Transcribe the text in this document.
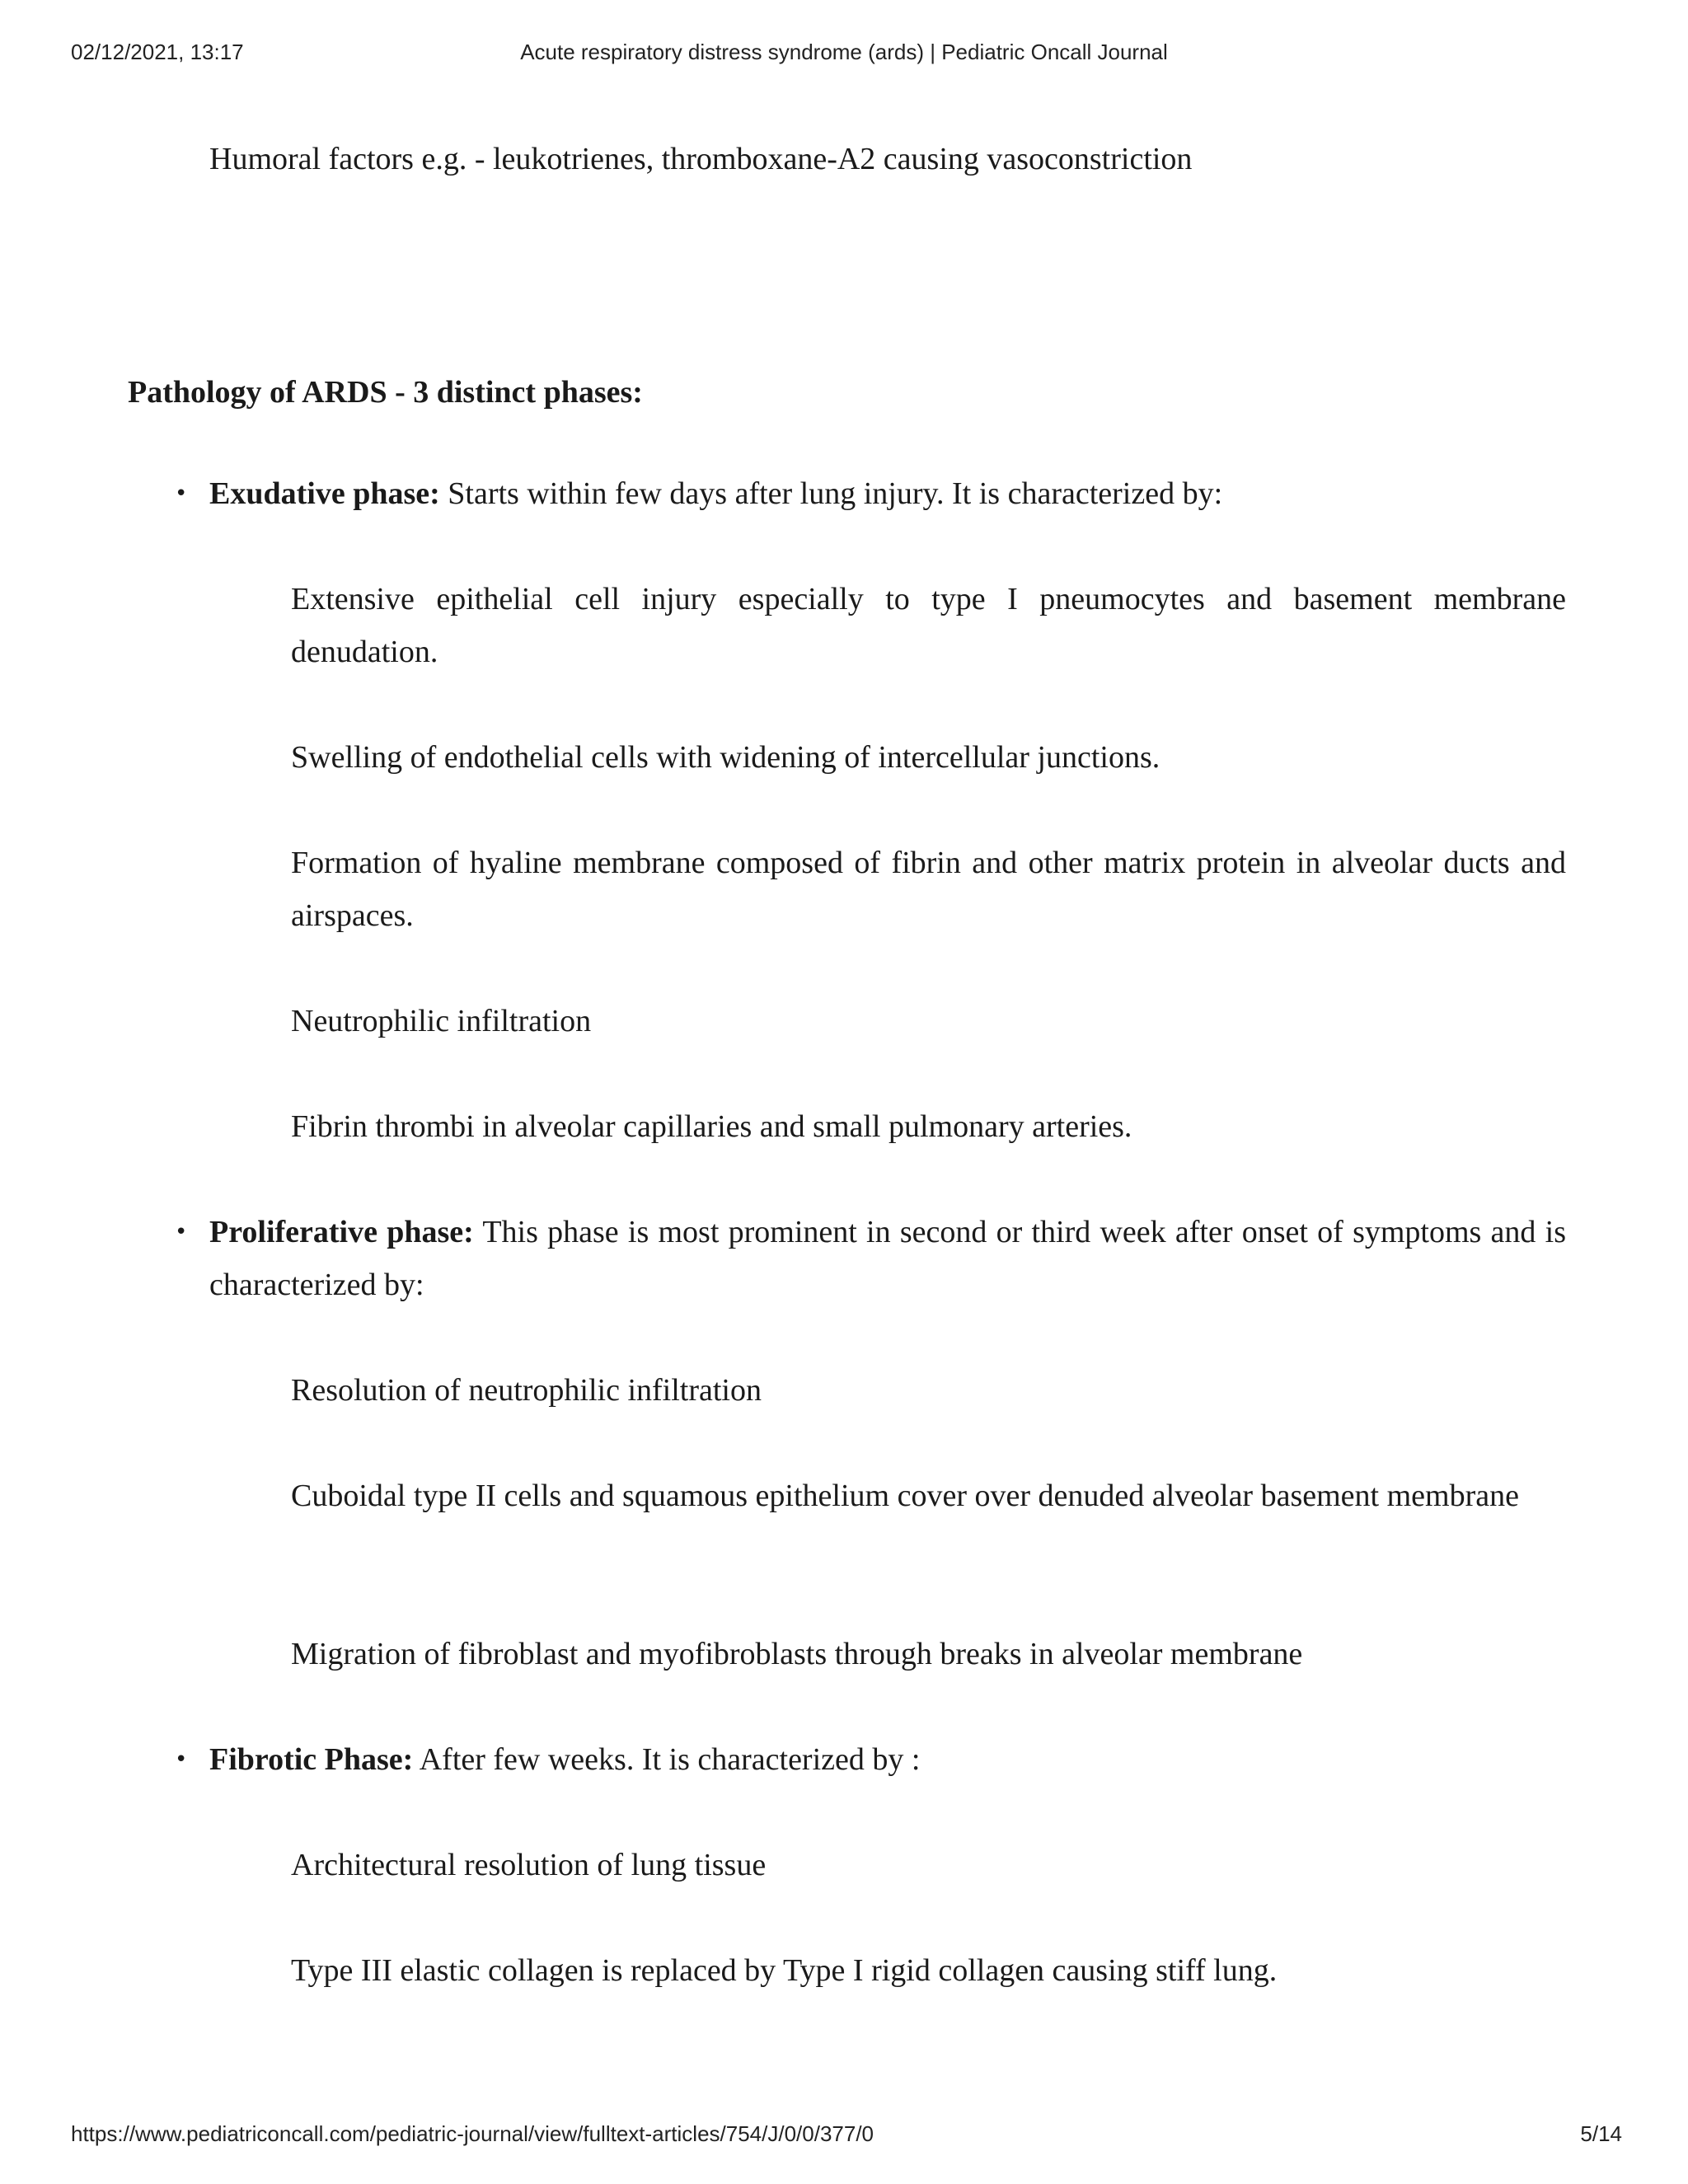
02/12/2021, 13:17	Acute respiratory distress syndrome (ards) | Pediatric Oncall Journal

Humoral factors e.g. - leukotrienes, thromboxane-A2 causing vasoconstriction

Pathology of ARDS - 3 distinct phases:

• Exudative phase: Starts within few days after lung injury. It is characterized by:

Extensive epithelial cell injury especially to type I pneumocytes and basement membrane denudation.

Swelling of endothelial cells with widening of intercellular junctions.

Formation of hyaline membrane composed of fibrin and other matrix protein in alveolar ducts and airspaces.

Neutrophilic infiltration

Fibrin thrombi in alveolar capillaries and small pulmonary arteries.

• Proliferative phase: This phase is most prominent in second or third week after onset of symptoms and is characterized by:

Resolution of neutrophilic infiltration

Cuboidal type II cells and squamous epithelium cover over denuded alveolar basement membrane

Migration of fibroblast and myofibroblasts through breaks in alveolar membrane

• Fibrotic Phase: After few weeks. It is characterized by :

Architectural resolution of lung tissue

Type III elastic collagen is replaced by Type I rigid collagen causing stiff lung.

https://www.pediatriconcall.com/pediatric-journal/view/fulltext-articles/754/J/0/0/377/0	5/14
